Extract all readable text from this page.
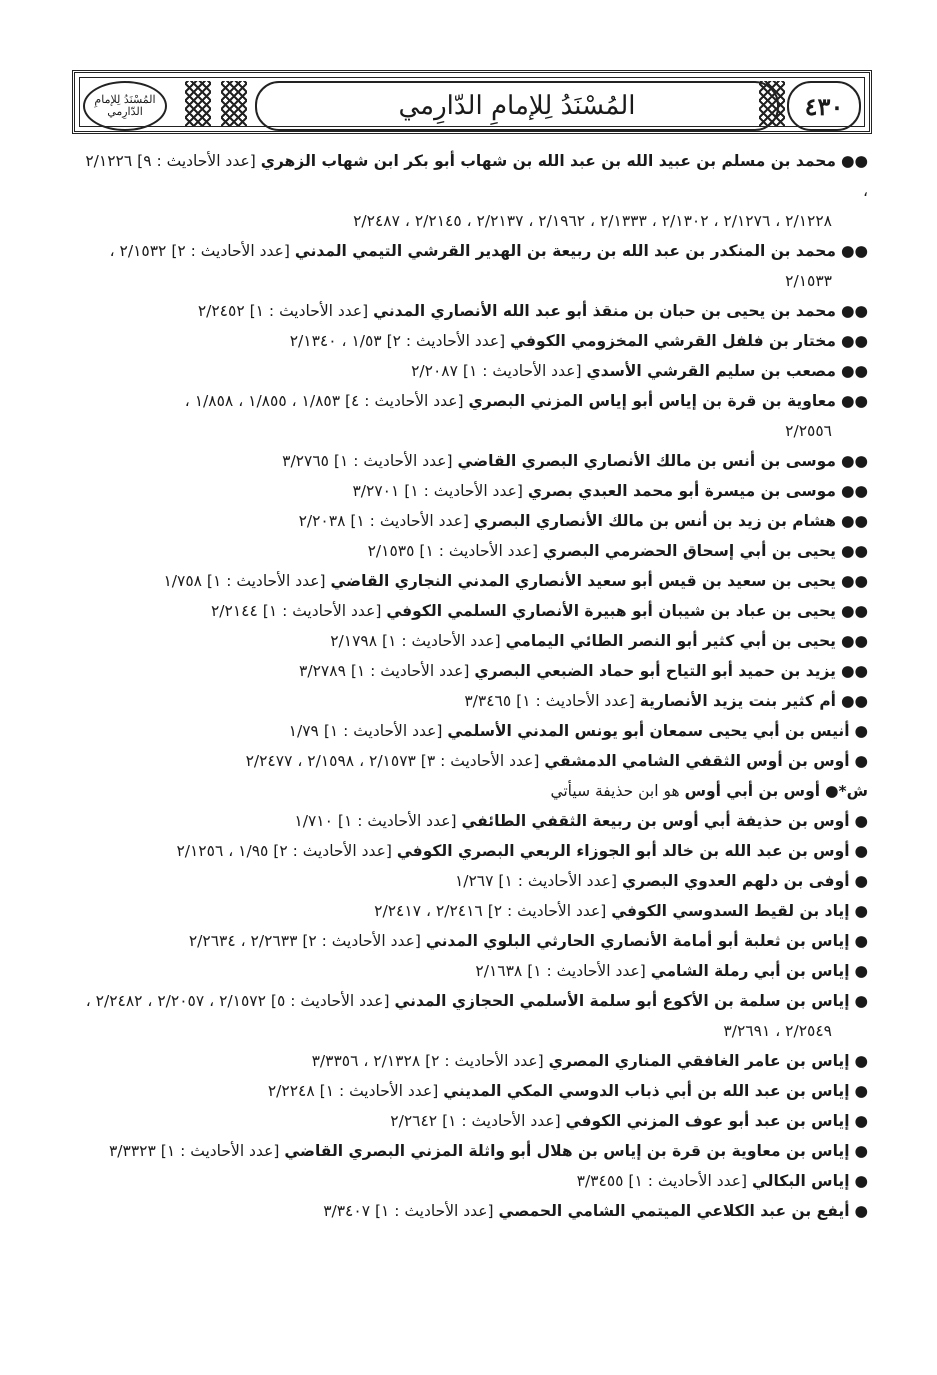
المُسْنَدُ لِلإمامِ الدّارِمي	المُسْنَدُ لِلإمامِ الدّارِمي	٤٣٠

●● محمد بن مسلم بن عبيد الله بن عبد الله بن شهاب أبو بكر ابن شهاب الزهري [عدد الأحاديث : ٩] ٢/١٢٢٦ ،
٢/١٢٢٨ ، ٢/١٢٧٦ ، ٢/١٣٠٢ ، ٢/١٣٣٣ ، ٢/١٩٦٢ ، ٢/٢١٣٧ ، ٢/٢١٤٥ ، ٢/٢٤٨٧

●● محمد بن المنكدر بن عبد الله بن ربيعة بن الهدير القرشي التيمي المدني [عدد الأحاديث : ٢] ٢/١٥٣٢ ،
٢/١٥٣٣

●● محمد بن يحيى بن حبان بن منقذ أبو عبد الله الأنصاري المدني [عدد الأحاديث : ١] ٢/٢٤٥٢

●● مختار بن فلفل القرشي المخزومي الكوفي [عدد الأحاديث : ٢] ١/٥٣ ، ٢/١٣٤٠

●● مصعب بن سليم القرشي الأسدي [عدد الأحاديث : ١] ٢/٢٠٨٧

●● معاوية بن قرة بن إياس أبو إياس المزني البصري [عدد الأحاديث : ٤] ١/٨٥٣ ، ١/٨٥٥ ، ١/٨٥٨ ،
٢/٢٥٥٦

●● موسى بن أنس بن مالك الأنصاري البصري القاضي [عدد الأحاديث : ١] ٣/٢٧٦٥

●● موسى بن ميسرة أبو محمد العبدي بصري [عدد الأحاديث : ١] ٣/٢٧٠١

●● هشام بن زيد بن أنس بن مالك الأنصاري البصري [عدد الأحاديث : ١] ٢/٢٠٣٨

●● يحيى بن أبي إسحاق الحضرمي البصري [عدد الأحاديث : ١] ٢/١٥٣٥

●● يحيى بن سعيد بن قيس أبو سعيد الأنصاري المدني النجاري القاضي [عدد الأحاديث : ١] ١/٧٥٨

●● يحيى بن عباد بن شيبان أبو هبيرة الأنصاري السلمي الكوفي [عدد الأحاديث : ١] ٢/٢١٤٤

●● يحيى بن أبي كثير أبو النصر الطائي اليمامي [عدد الأحاديث : ١] ٢/١٧٩٨

●● يزيد بن حميد أبو التياح أبو حماد الضبعي البصري [عدد الأحاديث : ١] ٣/٢٧٨٩

●● أم كثير بنت يزيد الأنصارية [عدد الأحاديث : ١] ٣/٣٤٦٥

● أنيس بن أبي يحيى سمعان أبو يونس المدني الأسلمي [عدد الأحاديث : ١] ١/٧٩

● أوس بن أوس الثقفي الشامي الدمشقي [عدد الأحاديث : ٣] ٢/١٥٧٣ ، ٢/١٥٩٨ ، ٢/٢٤٧٧

ش*● أوس بن أبي أوس هو ابن حذيفة سيأتي

● أوس بن حذيفة أبي أوس بن ربيعة الثقفي الطائفي [عدد الأحاديث : ١] ١/٧١٠

● أوس بن عبد الله بن خالد أبو الجوزاء الربعي البصري الكوفي [عدد الأحاديث : ٢] ١/٩٥ ، ٢/١٢٥٦

● أوفى بن دلهم العدوي البصري [عدد الأحاديث : ١] ١/٢٦٧

● إياد بن لقيط السدوسي الكوفي [عدد الأحاديث : ٢] ٢/٢٤١٦ ، ٢/٢٤١٧

● إياس بن ثعلبة أبو أمامة الأنصاري الحارثي البلوي المدني [عدد الأحاديث : ٢] ٢/٢٦٣٣ ، ٢/٢٦٣٤

● إياس بن أبي رملة الشامي [عدد الأحاديث : ١] ٢/١٦٣٨

● إياس بن سلمة بن الأكوع أبو سلمة الأسلمي الحجازي المدني [عدد الأحاديث : ٥] ٢/١٥٧٢ ، ٢/٢٠٥٧ ، ٢/٢٤٨٢ ،
٢/٢٥٤٩ ، ٣/٢٦٩١

● إياس بن عامر الغافقي المناري المصري [عدد الأحاديث : ٢] ٢/١٣٢٨ ، ٣/٣٣٥٦

● إياس بن عبد الله بن أبي ذباب الدوسي المكي المديني [عدد الأحاديث : ١] ٢/٢٢٤٨

● إياس بن عبد أبو عوف المزني الكوفي [عدد الأحاديث : ١] ٢/٢٦٤٢

● إياس بن معاوية بن قرة بن إياس بن هلال أبو واثلة المزني البصري القاضي [عدد الأحاديث : ١] ٣/٣٣٢٣

● إياس البكالي [عدد الأحاديث : ١] ٣/٣٤٥٥

● أيفع بن عبد الكلاعي الميتمي الشامي الحمصي [عدد الأحاديث : ١] ٣/٣٤٠٧
